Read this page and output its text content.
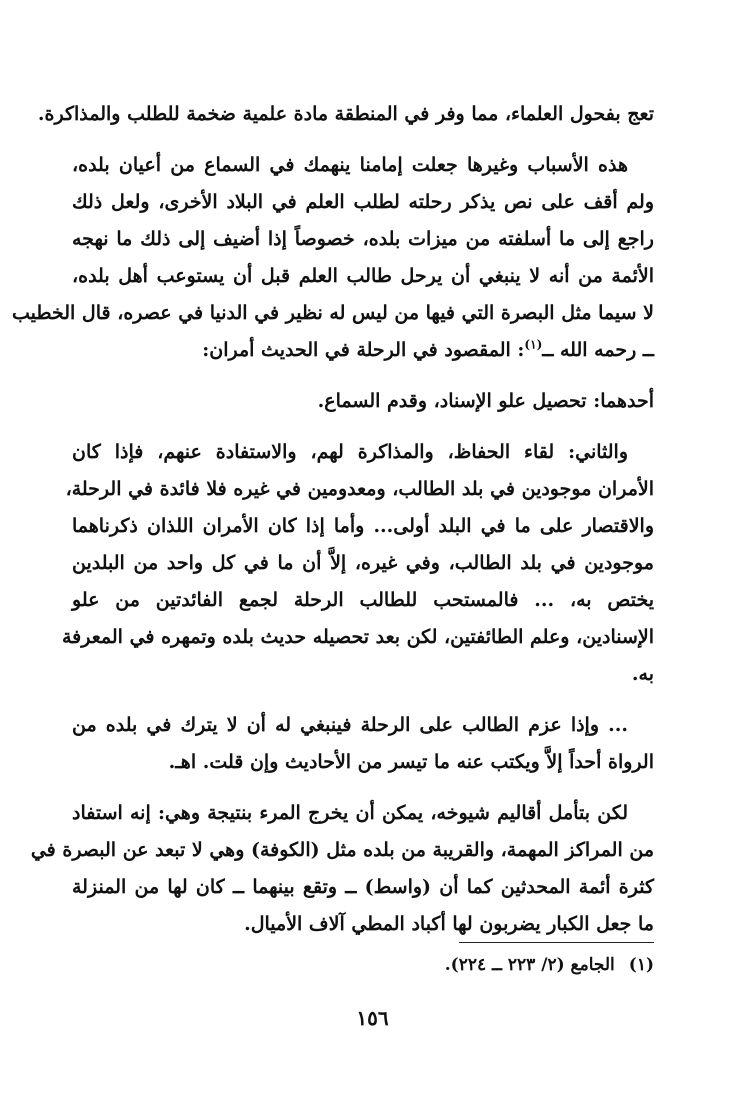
تعج بفحول العلماء، مما وفر في المنطقة مادة علمية ضخمة للطلب والمذاكرة.
هذه الأسباب وغيرها جعلت إمامنا ينهمك في السماع من أعيان بلده،
ولم أقف على نص يذكر رحلته لطلب العلم في البلاد الأخرى، ولعل ذلك
راجع إلى ما أسلفته من ميزات بلده، خصوصاً إذا أضيف إلى ذلك ما نهجه
الأئمة من أنه لا ينبغي أن يرحل طالب العلم قبل أن يستوعب أهل بلده،
لا سيما مثل البصرة التي فيها من ليس له نظير في الدنيا في عصره، قال الخطيب
ــ رحمه الله ــ$^{(١)}$: المقصود في الرحلة في الحديث أمران:
أحدهما: تحصيل علو الإسناد، وقدم السماع.
والثاني: لقاء الحفاظ، والمذاكرة لهم، والاستفادة عنهم، فإذا كان
الأمران موجودين في بلد الطالب، ومعدومين في غيره فلا فائدة في الرحلة،
والاقتصار على ما في البلد أولى... وأما إذا كان الأمران اللذان ذكرناهما
موجودين في بلد الطالب، وفي غيره، إلاَّ أن ما في كل واحد من البلدين
يختص به، ... فالمستحب للطالب الرحلة لجمع الفائدتين من علو
الإسنادين، وعلم الطائفتين، لكن بعد تحصيله حديث بلده وتمهره في المعرفة
به.
... وإذا عزم الطالب على الرحلة فينبغي له أن لا يترك في بلده من
الرواة أحداً إلاَّ ويكتب عنه ما تيسر من الأحاديث وإن قلت. اهـ.
لكن بتأمل أقاليم شيوخه، يمكن أن يخرج المرء بنتيجة وهي: إنه استفاد
من المراكز المهمة، والقريبة من بلده مثل (الكوفة) وهي لا تبعد عن البصرة في
كثرة أئمة المحدثين كما أن (واسط) ــ وتقع بينهما ــ كان لها من المنزلة
ما جعل الكبار يضربون لها أكباد المطي آلاف الأميال.
(١)الجامع (٢/ ٢٢٣ ــ ٢٢٤).
١٥٦
